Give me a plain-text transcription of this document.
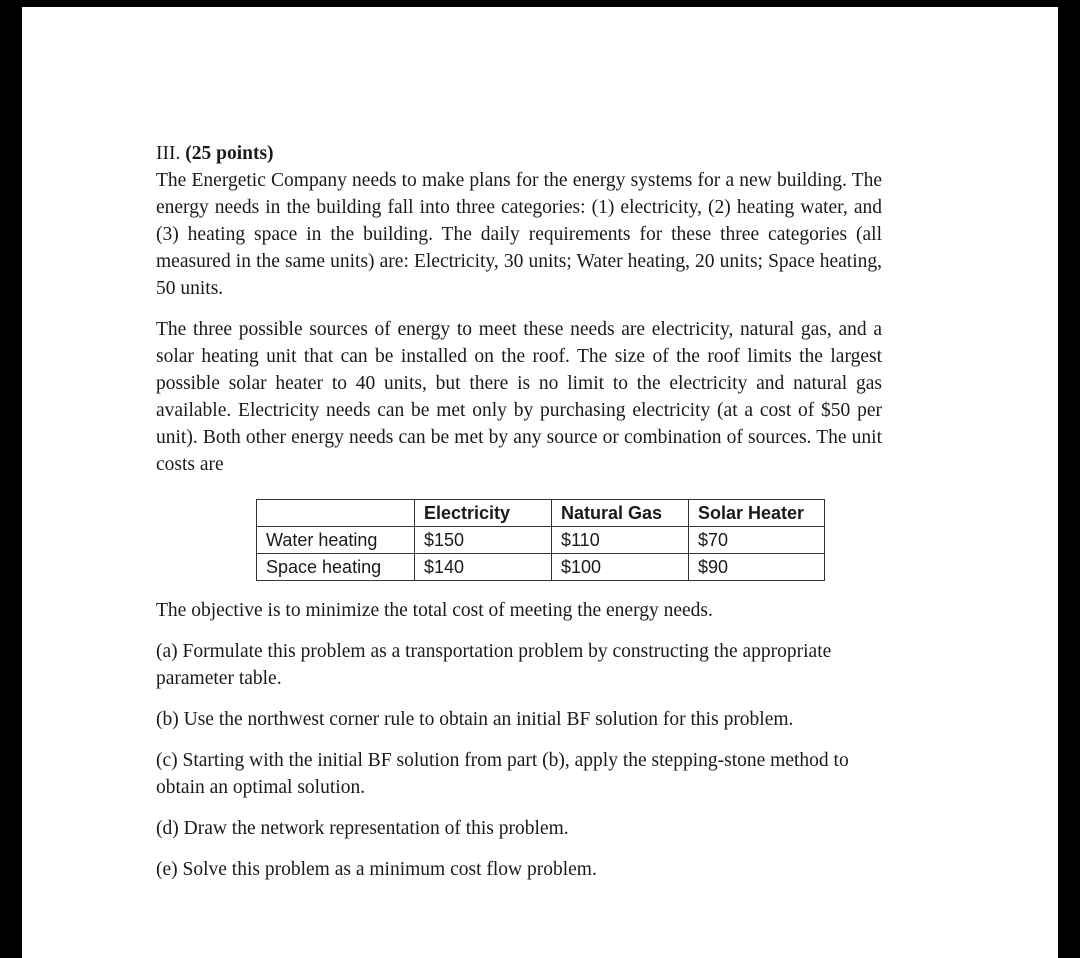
III. (25 points)

The Energetic Company needs to make plans for the energy systems for a new building. The energy needs in the building fall into three categories: (1) electricity, (2) heating water, and (3) heating space in the building. The daily requirements for these three categories (all measured in the same units) are: Electricity, 30 units; Water heating, 20 units; Space heating, 50 units.

The three possible sources of energy to meet these needs are electricity, natural gas, and a solar heating unit that can be installed on the roof. The size of the roof limits the largest possible solar heater to 40 units, but there is no limit to the electricity and natural gas available. Electricity needs can be met only by purchasing electricity (at a cost of $50 per unit). Both other energy needs can be met by any source or combination of sources. The unit costs are

	Electricity	Natural Gas	Solar Heater
Water heating	$150	$110	$70
Space heating	$140	$100	$90

The objective is to minimize the total cost of meeting the energy needs.

(a) Formulate this problem as a transportation problem by constructing the appropriate parameter table.

(b) Use the northwest corner rule to obtain an initial BF solution for this problem.

(c) Starting with the initial BF solution from part (b), apply the stepping-stone method to obtain an optimal solution.

(d) Draw the network representation of this problem.

(e) Solve this problem as a minimum cost flow problem.
